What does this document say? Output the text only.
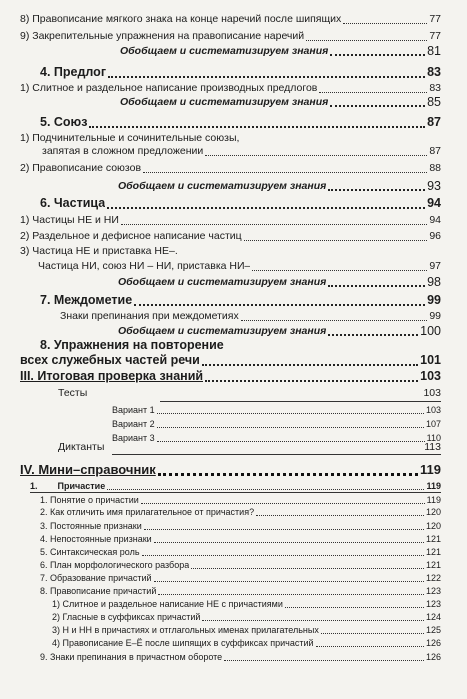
8) Правописание мягкого знака на конце наречий после шипящих	77
9) Закрепительные упражнения на правописание наречий	77
Обобщаем и систематизируем знания	81
4. Предлог	83
1) Слитное и раздельное написание производных предлогов	83
Обобщаем и систематизируем знания	85
5. Союз	87
1) Подчинительные и сочинительные союзы,
запятая в сложном предложении	87
2) Правописание союзов	88
Обобщаем и систематизируем знания	93
6. Частица	94
1) Частицы НЕ и НИ	94
2) Раздельное и дефисное написание частиц	96
3) Частица НЕ и приставка НЕ–.
Частица НИ, союз НИ – НИ, приставка НИ–	97
Обобщаем и систематизируем знания	98
7. Междометие	99
Знаки препинания при междометиях	99
Обобщаем и систематизируем знания	100
8. Упражнения на повторение
всех служебных частей речи	101
III. Итоговая проверка знаний	103
Тесты	103
Вариант 1	103
Вариант 2	107
Вариант 3	110
Диктанты	113
IV. Мини–справочник	119
1. Причастие	119
1. Понятие о причастии	119
2. Как отличить имя прилагательное от причастия?	120
3. Постоянные признаки	120
4. Непостоянные признаки	121
5. Синтаксическая роль	121
6. План морфологического разбора	121
7. Образование причастий	122
8. Правописание причастий	123
1) Слитное и раздельное написание НЕ с причастиями	123
2) Гласные в суффиксах причастий	124
3) Н и НН в причастиях и отглагольных именах прилагательных	125
4) Правописание Е–Ё после шипящих в суффиксах причастий	126
9. Знаки препинания в причастном обороте	126
